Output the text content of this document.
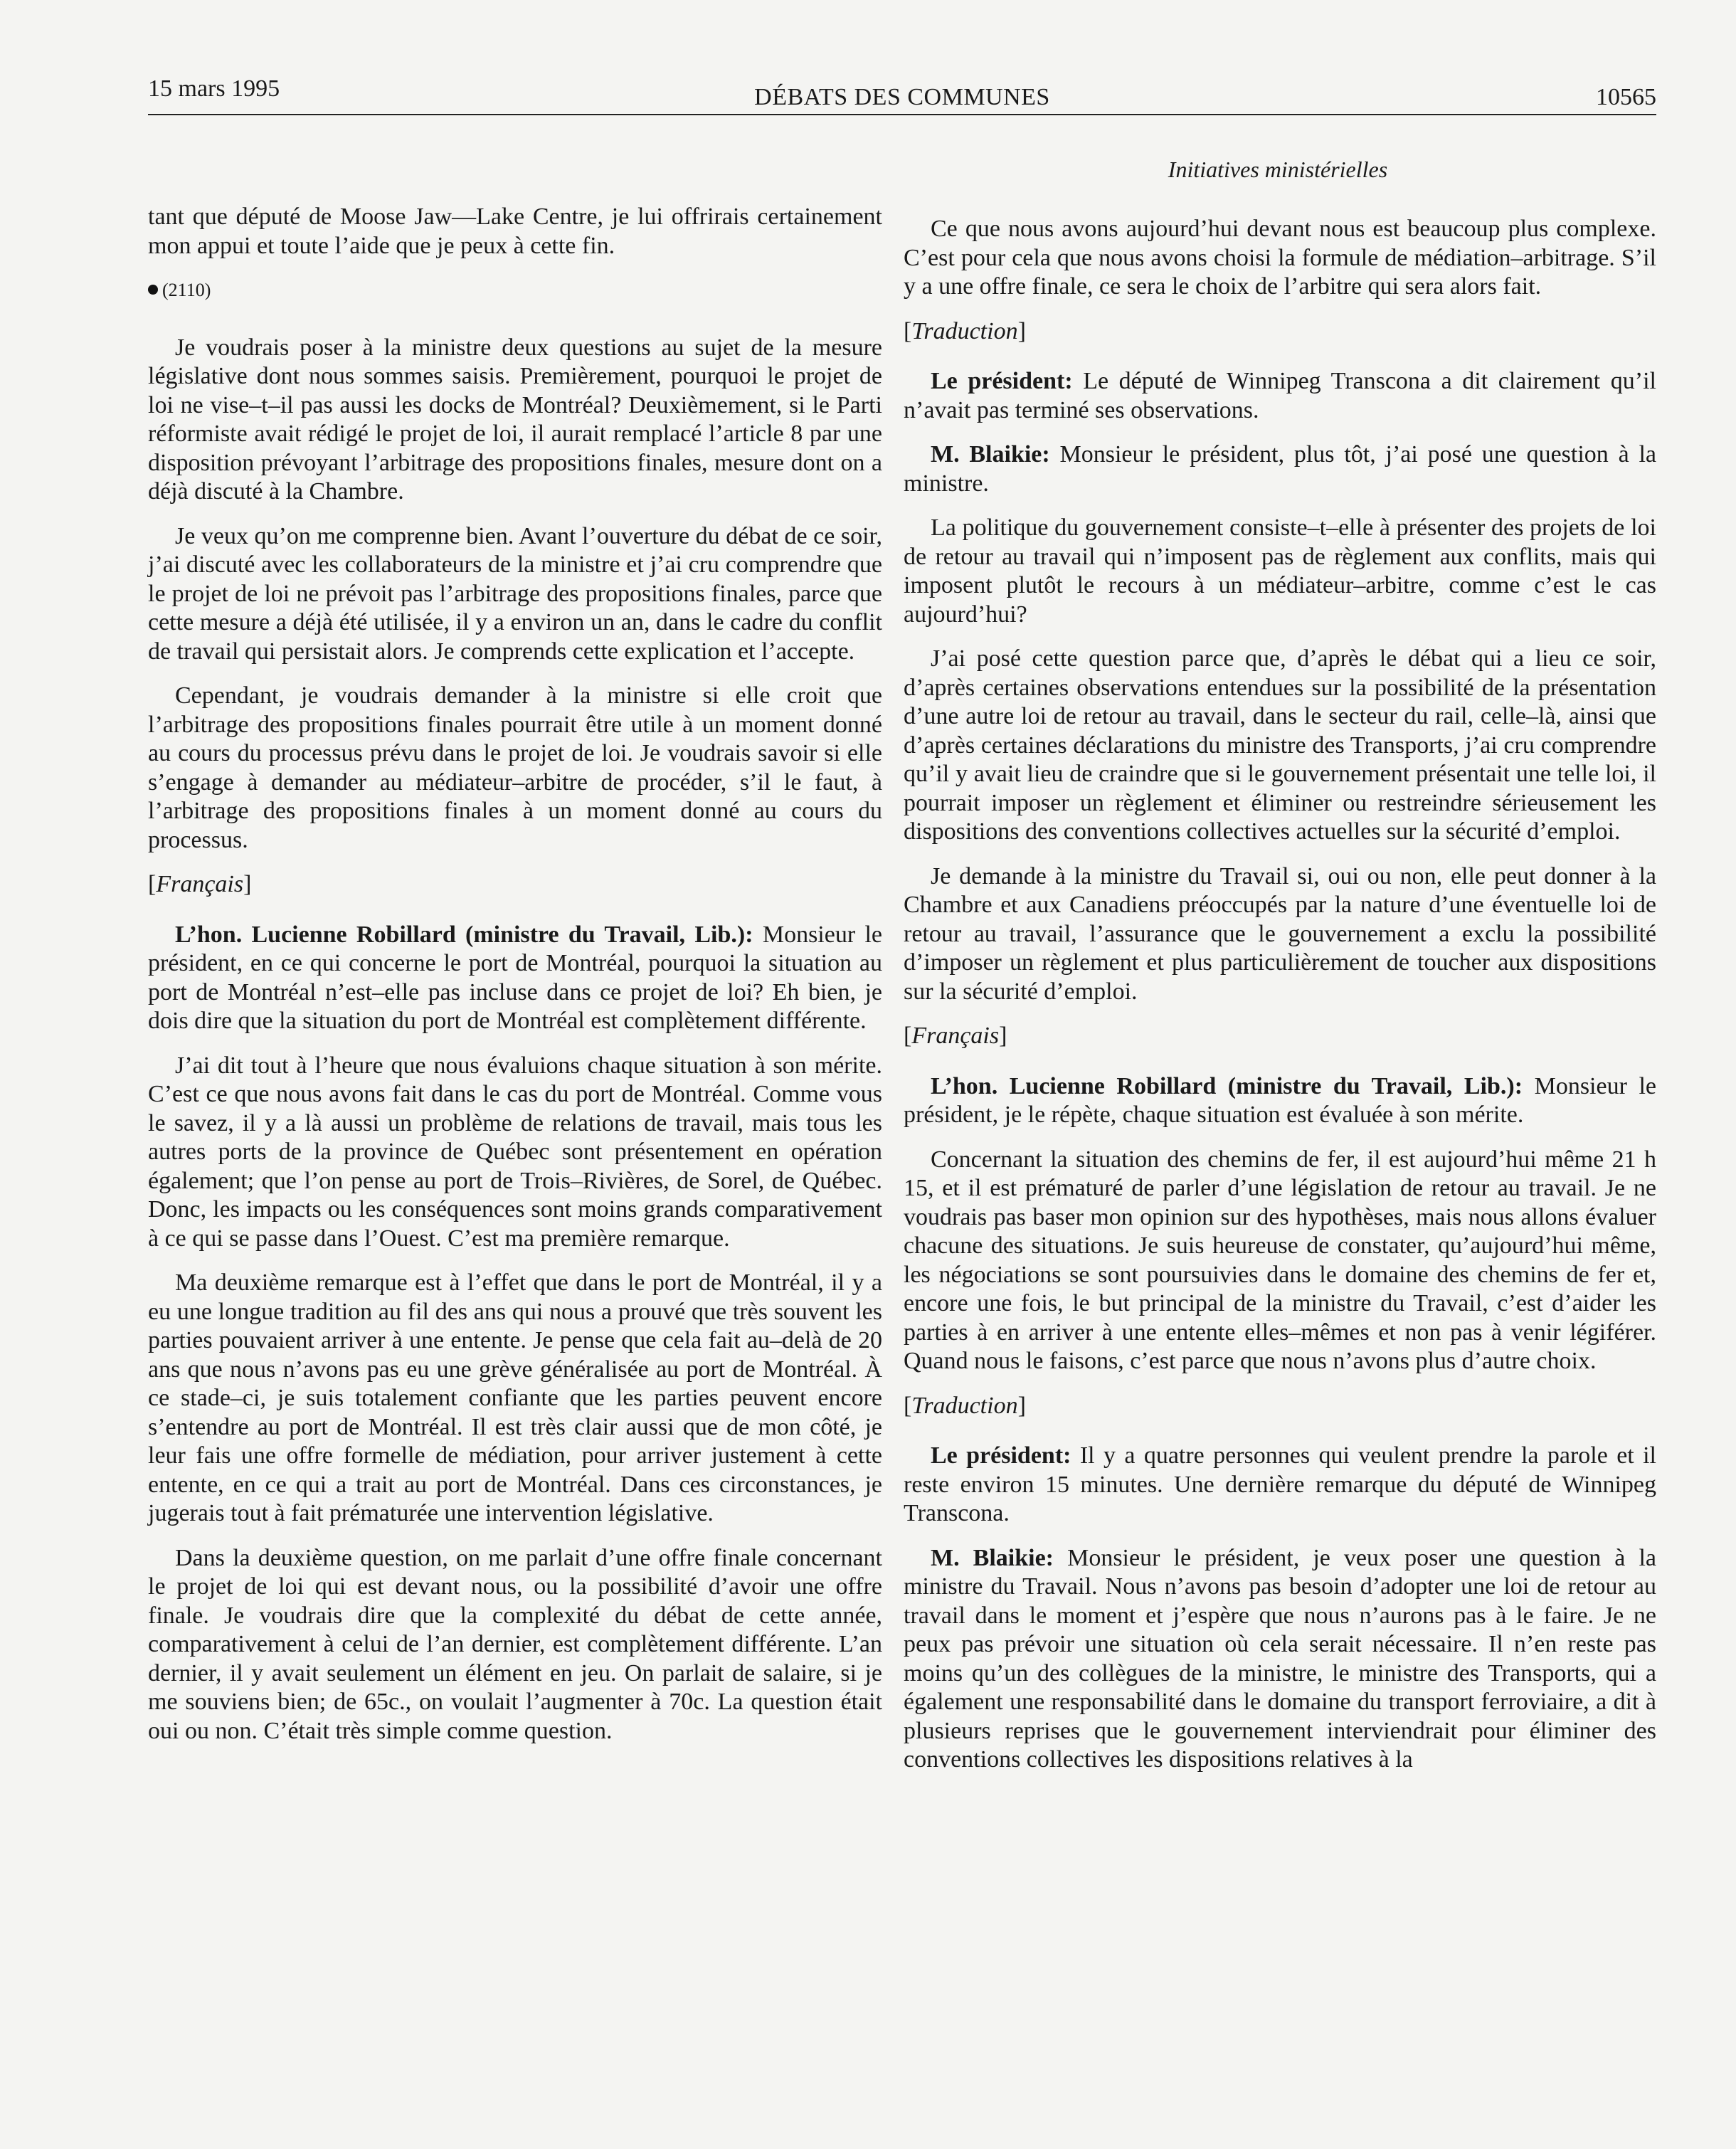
15 mars 1995	DÉBATS DES COMMUNES	10565
Initiatives ministérielles

tant que député de Moose Jaw—Lake Centre, je lui offrirais certainement mon appui et toute l’aide que je peux à cette fin.

(2110)

Je voudrais poser à la ministre deux questions au sujet de la mesure législative dont nous sommes saisis. Premièrement, pourquoi le projet de loi ne vise–t–il pas aussi les docks de Montréal? Deuxièmement, si le Parti réformiste avait rédigé le projet de loi, il aurait remplacé l’article 8 par une disposition prévoyant l’arbitrage des propositions finales, mesure dont on a déjà discuté à la Chambre.

Je veux qu’on me comprenne bien. Avant l’ouverture du débat de ce soir, j’ai discuté avec les collaborateurs de la ministre et j’ai cru comprendre que le projet de loi ne prévoit pas l’arbitrage des propositions finales, parce que cette mesure a déjà été utilisée, il y a environ un an, dans le cadre du conflit de travail qui persistait alors. Je comprends cette explication et l’accepte.

Cependant, je voudrais demander à la ministre si elle croit que l’arbitrage des propositions finales pourrait être utile à un moment donné au cours du processus prévu dans le projet de loi. Je voudrais savoir si elle s’engage à demander au médiateur–arbitre de procéder, s’il le faut, à l’arbitrage des propositions finales à un moment donné au cours du processus.

[Français]

L’hon. Lucienne Robillard (ministre du Travail, Lib.): Monsieur le président, en ce qui concerne le port de Montréal, pourquoi la situation au port de Montréal n’est–elle pas incluse dans ce projet de loi? Eh bien, je dois dire que la situation du port de Montréal est complètement différente.

J’ai dit tout à l’heure que nous évaluions chaque situation à son mérite. C’est ce que nous avons fait dans le cas du port de Montréal. Comme vous le savez, il y a là aussi un problème de relations de travail, mais tous les autres ports de la province de Québec sont présentement en opération également; que l’on pense au port de Trois–Rivières, de Sorel, de Québec. Donc, les impacts ou les conséquences sont moins grands comparativement à ce qui se passe dans l’Ouest. C’est ma première remarque.

Ma deuxième remarque est à l’effet que dans le port de Montréal, il y a eu une longue tradition au fil des ans qui nous a prouvé que très souvent les parties pouvaient arriver à une entente. Je pense que cela fait au–delà de 20 ans que nous n’avons pas eu une grève généralisée au port de Montréal. À ce stade–ci, je suis totalement confiante que les parties peuvent encore s’entendre au port de Montréal. Il est très clair aussi que de mon côté, je leur fais une offre formelle de médiation, pour arriver justement à cette entente, en ce qui a trait au port de Montréal. Dans ces circonstances, je jugerais tout à fait prématurée une intervention législative.

Dans la deuxième question, on me parlait d’une offre finale concernant le projet de loi qui est devant nous, ou la possibilité d’avoir une offre finale. Je voudrais dire que la complexité du débat de cette année, comparativement à celui de l’an dernier, est complètement différente. L’an dernier, il y avait seulement un élément en jeu. On parlait de salaire, si je me souviens bien; de 65c., on voulait l’augmenter à 70c. La question était oui ou non. C’était très simple comme question.

Ce que nous avons aujourd’hui devant nous est beaucoup plus complexe. C’est pour cela que nous avons choisi la formule de médiation–arbitrage. S’il y a une offre finale, ce sera le choix de l’arbitre qui sera alors fait.

[Traduction]

Le président: Le député de Winnipeg Transcona a dit clairement qu’il n’avait pas terminé ses observations.

M. Blaikie: Monsieur le président, plus tôt, j’ai posé une question à la ministre.

La politique du gouvernement consiste–t–elle à présenter des projets de loi de retour au travail qui n’imposent pas de règlement aux conflits, mais qui imposent plutôt le recours à un médiateur–arbitre, comme c’est le cas aujourd’hui?

J’ai posé cette question parce que, d’après le débat qui a lieu ce soir, d’après certaines observations entendues sur la possibilité de la présentation d’une autre loi de retour au travail, dans le secteur du rail, celle–là, ainsi que d’après certaines déclarations du ministre des Transports, j’ai cru comprendre qu’il y avait lieu de craindre que si le gouvernement présentait une telle loi, il pourrait imposer un règlement et éliminer ou restreindre sérieusement les dispositions des conventions collectives actuelles sur la sécurité d’emploi.

Je demande à la ministre du Travail si, oui ou non, elle peut donner à la Chambre et aux Canadiens préoccupés par la nature d’une éventuelle loi de retour au travail, l’assurance que le gouvernement a exclu la possibilité d’imposer un règlement et plus particulièrement de toucher aux dispositions sur la sécurité d’emploi.

[Français]

L’hon. Lucienne Robillard (ministre du Travail, Lib.): Monsieur le président, je le répète, chaque situation est évaluée à son mérite.

Concernant la situation des chemins de fer, il est aujourd’hui même 21 h 15, et il est prématuré de parler d’une législation de retour au travail. Je ne voudrais pas baser mon opinion sur des hypothèses, mais nous allons évaluer chacune des situations. Je suis heureuse de constater, qu’aujourd’hui même, les négociations se sont poursuivies dans le domaine des chemins de fer et, encore une fois, le but principal de la ministre du Travail, c’est d’aider les parties à en arriver à une entente elles–mêmes et non pas à venir légiférer. Quand nous le faisons, c’est parce que nous n’avons plus d’autre choix.

[Traduction]

Le président: Il y a quatre personnes qui veulent prendre la parole et il reste environ 15 minutes. Une dernière remarque du député de Winnipeg Transcona.

M. Blaikie: Monsieur le président, je veux poser une question à la ministre du Travail. Nous n’avons pas besoin d’adopter une loi de retour au travail dans le moment et j’espère que nous n’aurons pas à le faire. Je ne peux pas prévoir une situation où cela serait nécessaire. Il n’en reste pas moins qu’un des collègues de la ministre, le ministre des Transports, qui a également une responsabilité dans le domaine du transport ferroviaire, a dit à plusieurs reprises que le gouvernement interviendrait pour éliminer des conventions collectives les dispositions relatives à la
